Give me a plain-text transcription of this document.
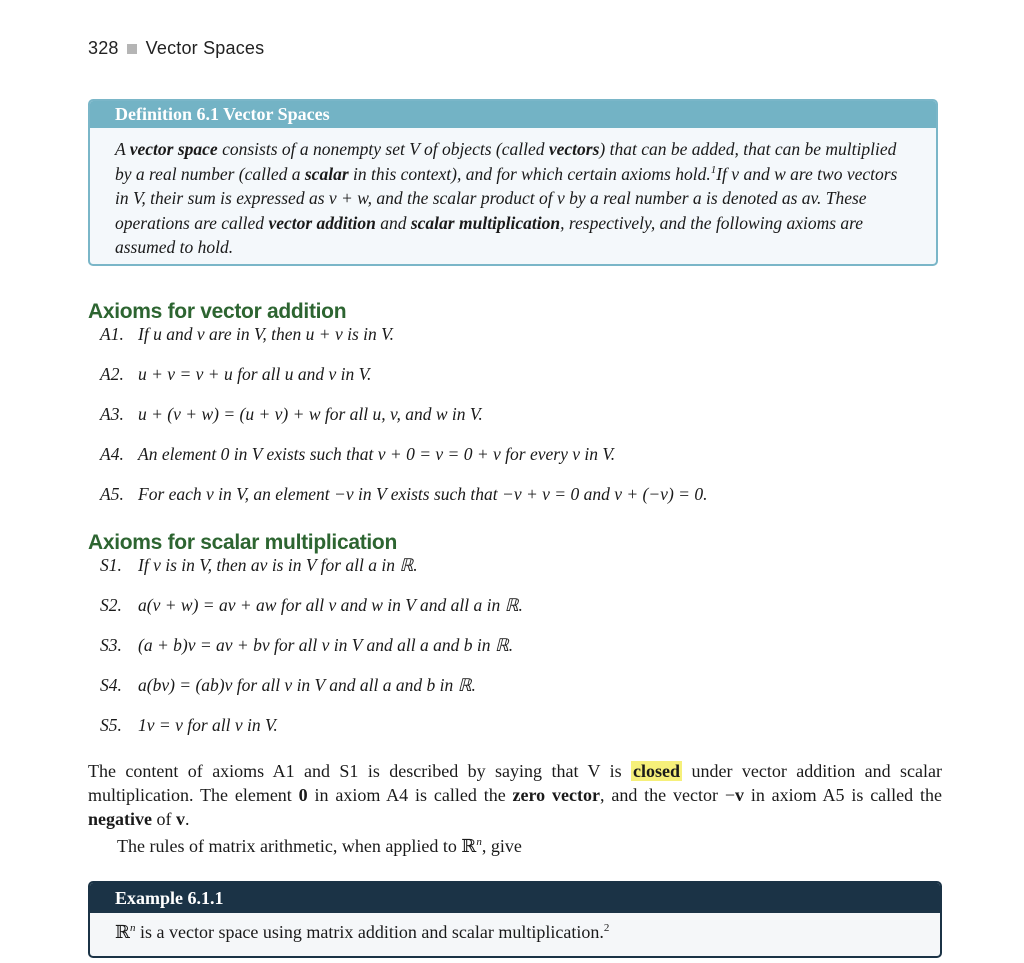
328 Vector Spaces
Definition 6.1 Vector Spaces
A vector space consists of a nonempty set V of objects (called vectors) that can be added, that can be multiplied by a real number (called a scalar in this context), and for which certain axioms hold.$^1$If v and w are two vectors in V, their sum is expressed as v + w, and the scalar product of v by a real number a is denoted as av. These operations are called vector addition and scalar multiplication, respectively, and the following axioms are assumed to hold.
Axioms for vector addition
A1. If u and v are in V, then u + v is in V.
A2. u + v = v + u for all u and v in V.
A3. u + (v + w) = (u + v) + w for all u, v, and w in V.
A4. An element 0 in V exists such that v + 0 = v = 0 + v for every v in V.
A5. For each v in V, an element −v in V exists such that −v + v = 0 and v + (−v) = 0.
Axioms for scalar multiplication
S1. If v is in V, then av is in V for all a in ℝ.
S2. a(v + w) = av + aw for all v and w in V and all a in ℝ.
S3. (a + b)v = av + bv for all v in V and all a and b in ℝ.
S4. a(bv) = (ab)v for all v in V and all a and b in ℝ.
S5. 1v = v for all v in V.
The content of axioms A1 and S1 is described by saying that V is closed under vector addition and scalar multiplication. The element 0 in axiom A4 is called the zero vector, and the vector −v in axiom A5 is called the negative of v.
The rules of matrix arithmetic, when applied to ℝ$^n$, give
Example 6.1.1
ℝ$^n$ is a vector space using matrix addition and scalar multiplication.$^2$
